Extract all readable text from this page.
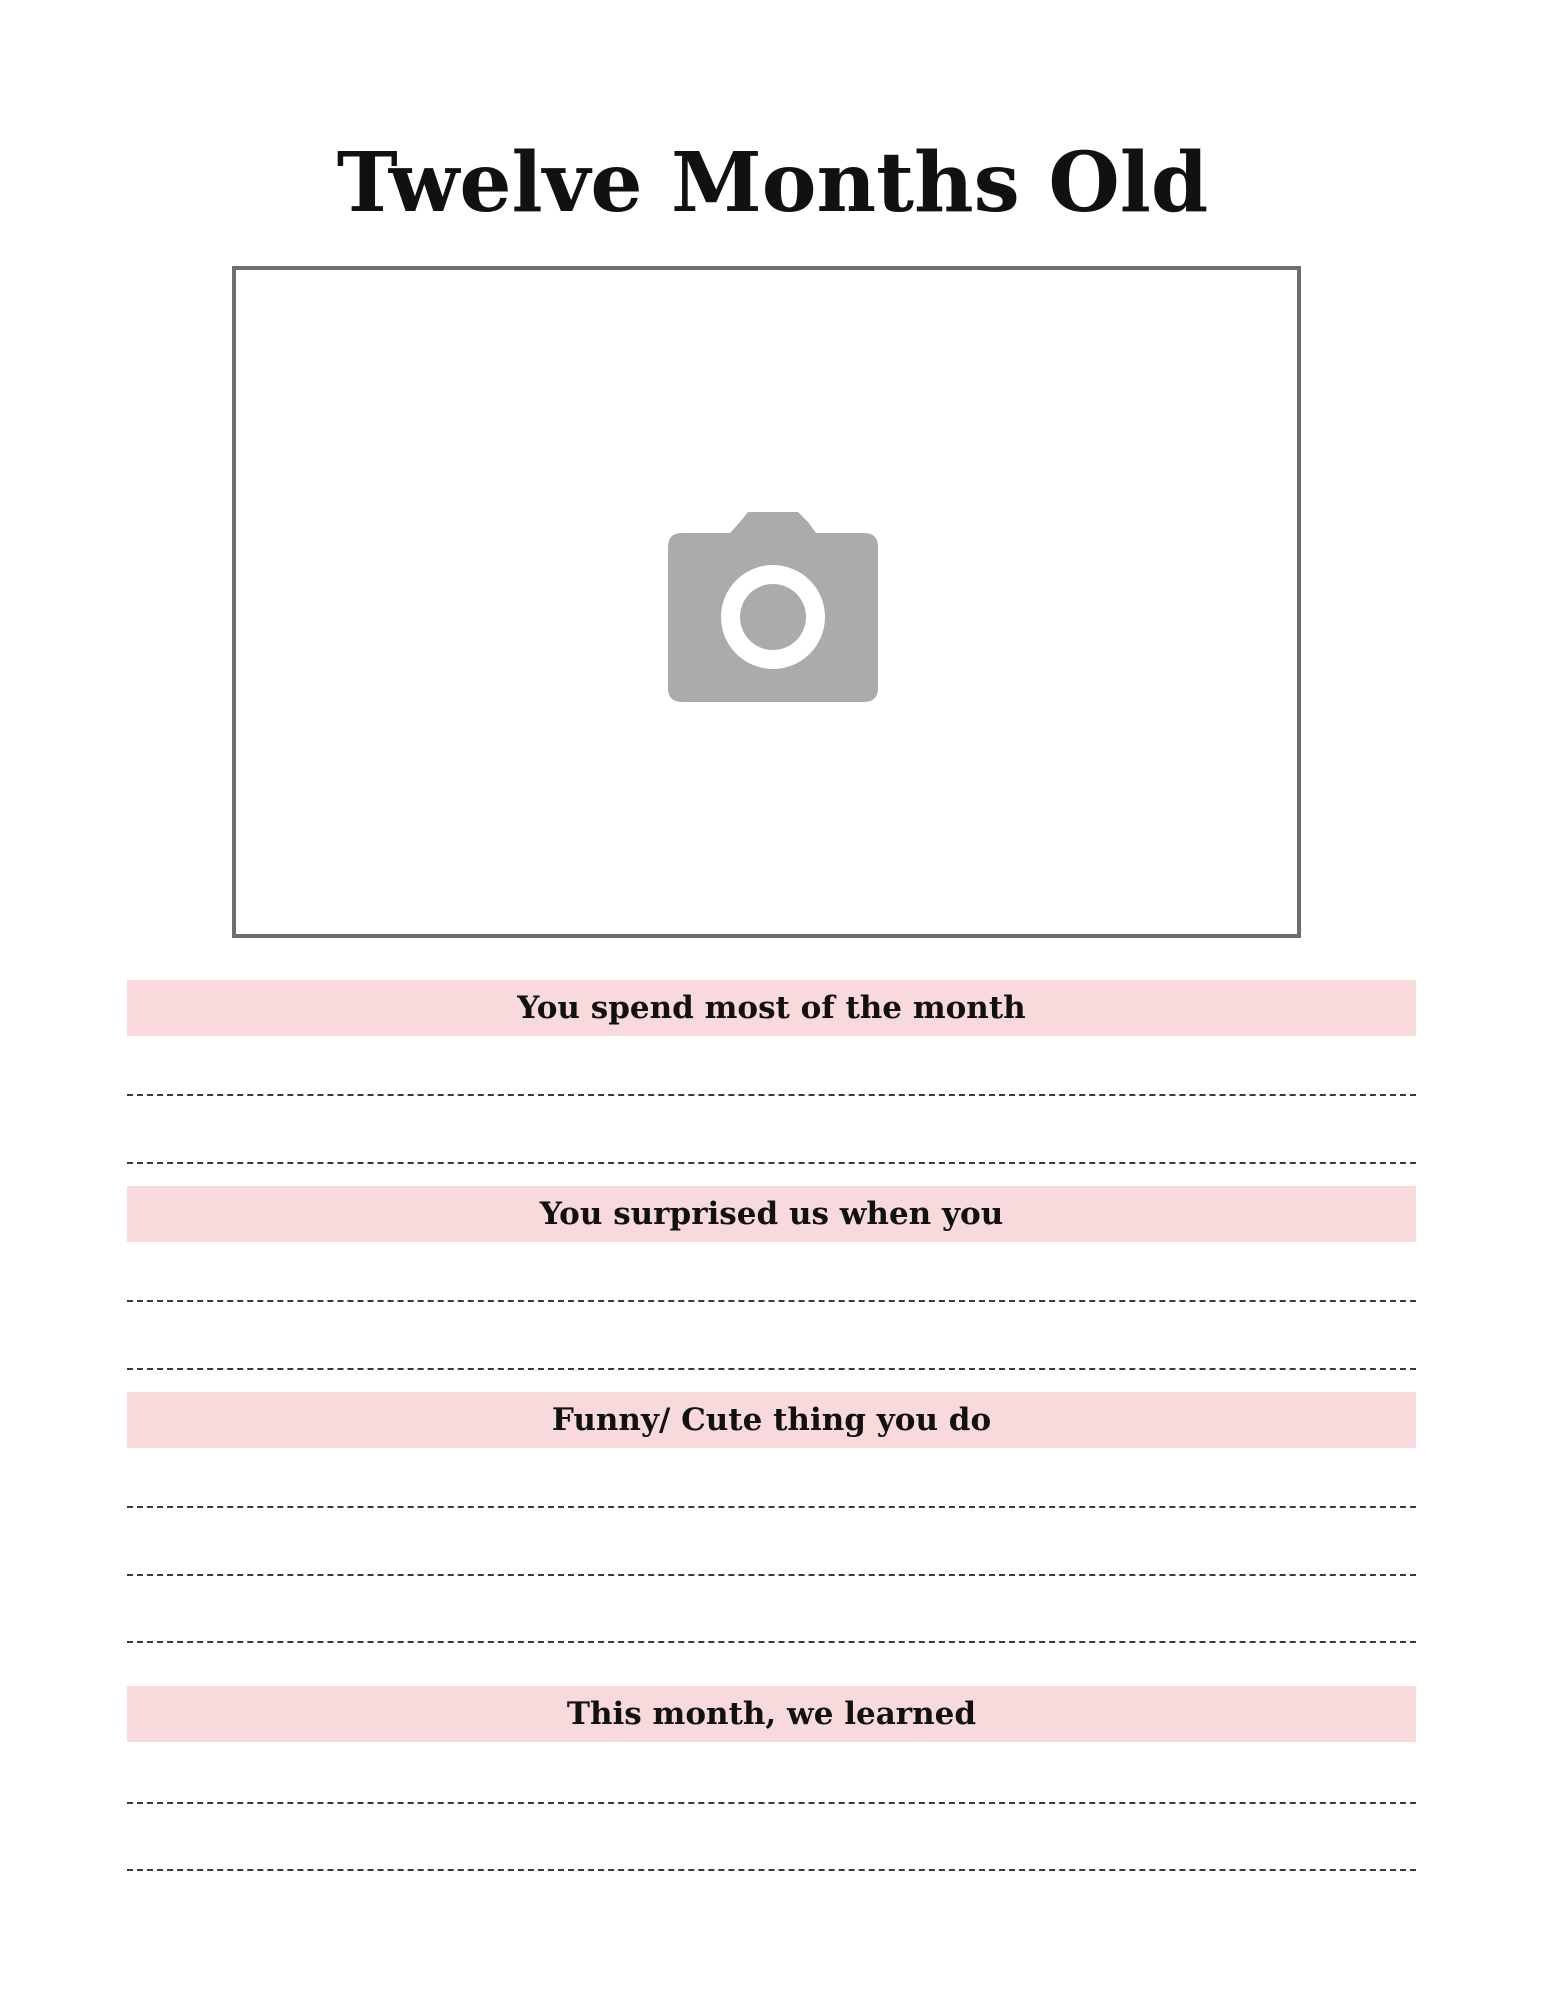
Twelve Months Old
You spend most of the month
You surprised us when you
Funny/ Cute thing you do
This month, we learned
